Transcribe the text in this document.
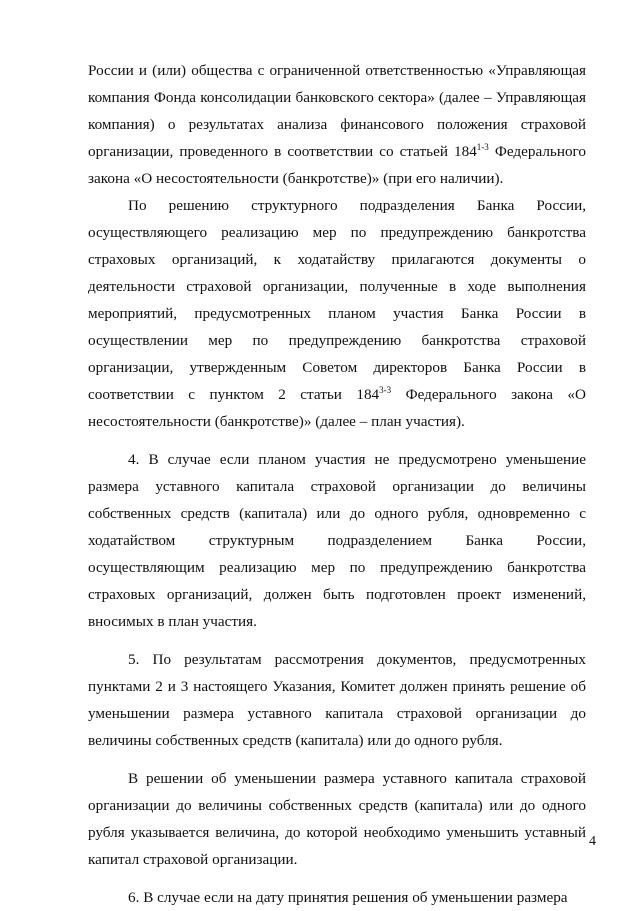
России и (или) общества с ограниченной ответственностью «Управляющая компания Фонда консолидации банковского сектора» (далее – Управляющая компания) о результатах анализа финансового положения страховой организации, проведенного в соответствии со статьей 184$^{1-3}$ Федерального закона «О несостоятельности (банкротстве)» (при его наличии).

По решению структурного подразделения Банка России, осуществляющего реализацию мер по предупреждению банкротства страховых организаций, к ходатайству прилагаются документы о деятельности страховой организации, полученные в ходе выполнения мероприятий, предусмотренных планом участия Банка России в осуществлении мер по предупреждению банкротства страховой организации, утвержденным Советом директоров Банка России в соответствии с пунктом 2 статьи 184$^{3-3}$ Федерального закона «О несостоятельности (банкротстве)» (далее – план участия).

4. В случае если планом участия не предусмотрено уменьшение размера уставного капитала страховой организации до величины собственных средств (капитала) или до одного рубля, одновременно с ходатайством структурным подразделением Банка России, осуществляющим реализацию мер по предупреждению банкротства страховых организаций, должен быть подготовлен проект изменений, вносимых в план участия.

5. По результатам рассмотрения документов, предусмотренных пунктами 2 и 3 настоящего Указания, Комитет должен принять решение об уменьшении размера уставного капитала страховой организации до величины собственных средств (капитала) или до одного рубля.

В решении об уменьшении размера уставного капитала страховой организации до величины собственных средств (капитала) или до одного рубля указывается величина, до которой необходимо уменьшить уставный капитал страховой организации.

6. В случае если на дату принятия решения об уменьшении размера

4
